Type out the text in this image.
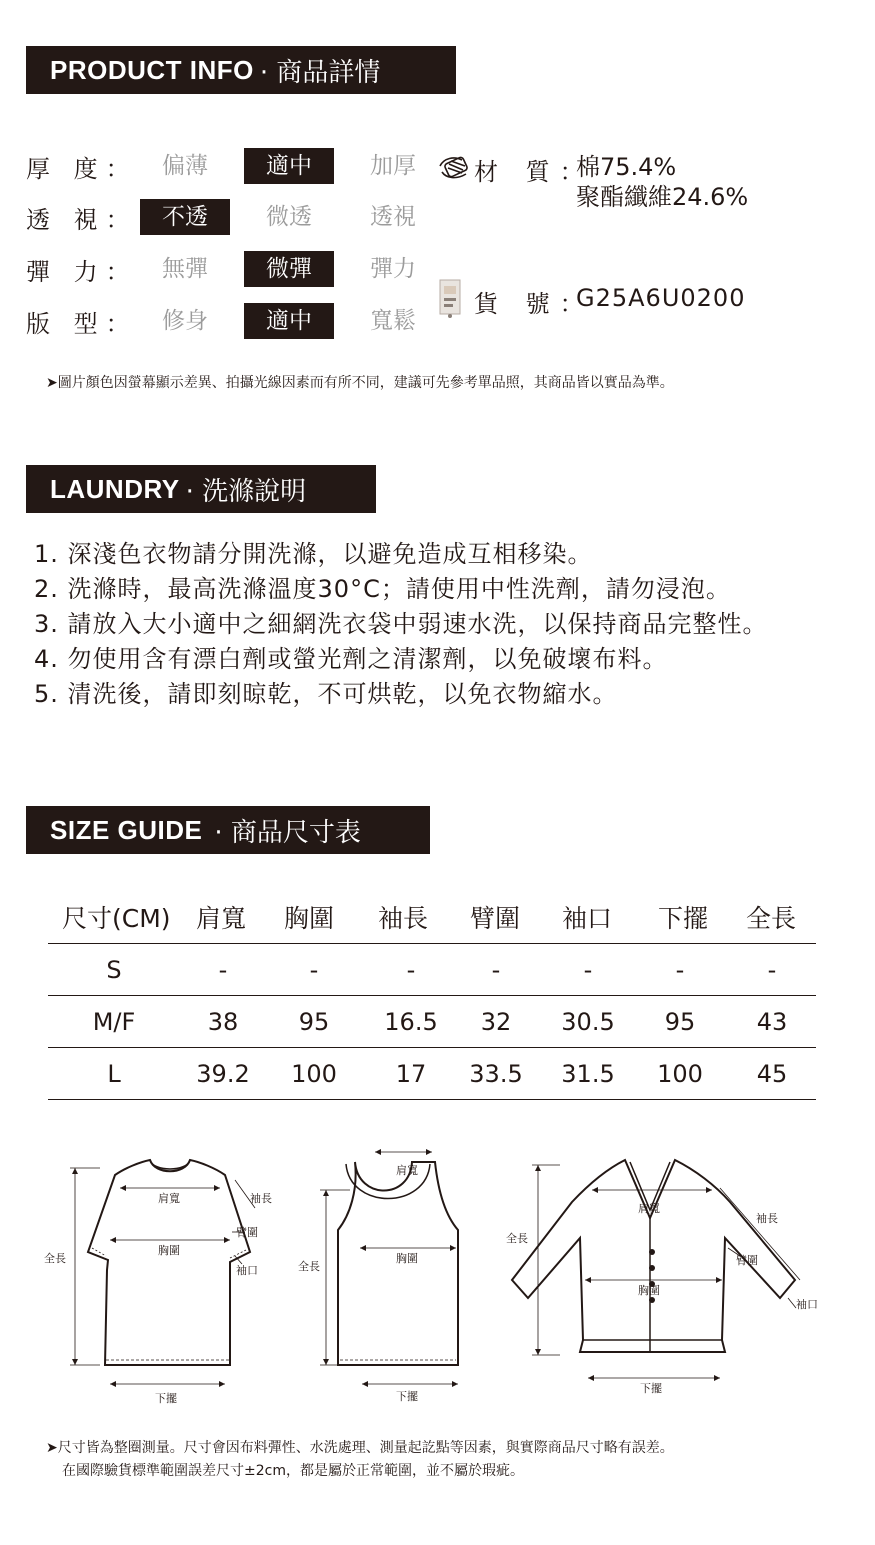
PRODUCT INFO · 商品詳情
厚 度：	偏薄	適中	加厚
透 視：	不透	微透	透視
彈 力：	無彈	微彈	彈力
版 型：	修身	適中	寬鬆
材 質：
棉75.4%
聚酯纖維24.6%
貨 號：
G25A6U0200
➤圖片顏色因螢幕顯示差異、拍攝光線因素而有所不同，建議可先參考單品照，其商品皆以實品為準。
LAUNDRY · 洗滌說明
1. 深淺色衣物請分開洗滌，以避免造成互相移染。
2. 洗滌時，最高洗滌溫度30°C；請使用中性洗劑，請勿浸泡。
3. 請放入大小適中之細網洗衣袋中弱速水洗，以保持商品完整性。
4. 勿使用含有漂白劑或螢光劑之清潔劑，以免破壞布料。
5. 清洗後，請即刻晾乾，不可烘乾，以免衣物縮水。
SIZE GUIDE · 商品尺寸表
尺寸(CM) 肩寬 胸圍 袖長 臂圍 袖口 下擺 全長
S	-	-	-	-	-	-	-
M/F	38	95	16.5	32	30.5	95	43
L	39.2 100	17	33.5 31.5 100	45
肩寬	袖長
臂圍
胸圍
袖口
全長
下擺
肩寬
胸圍
全長
下擺
肩寬
袖長
全長
臂圍
胸圍
袖口
下擺
➤尺寸皆為整圈測量。尺寸會因布料彈性、水洗處理、測量起訖點等因素，與實際商品尺寸略有誤差。
在國際驗貨標準範圍誤差尺寸±2cm，都是屬於正常範圍，並不屬於瑕疵。
